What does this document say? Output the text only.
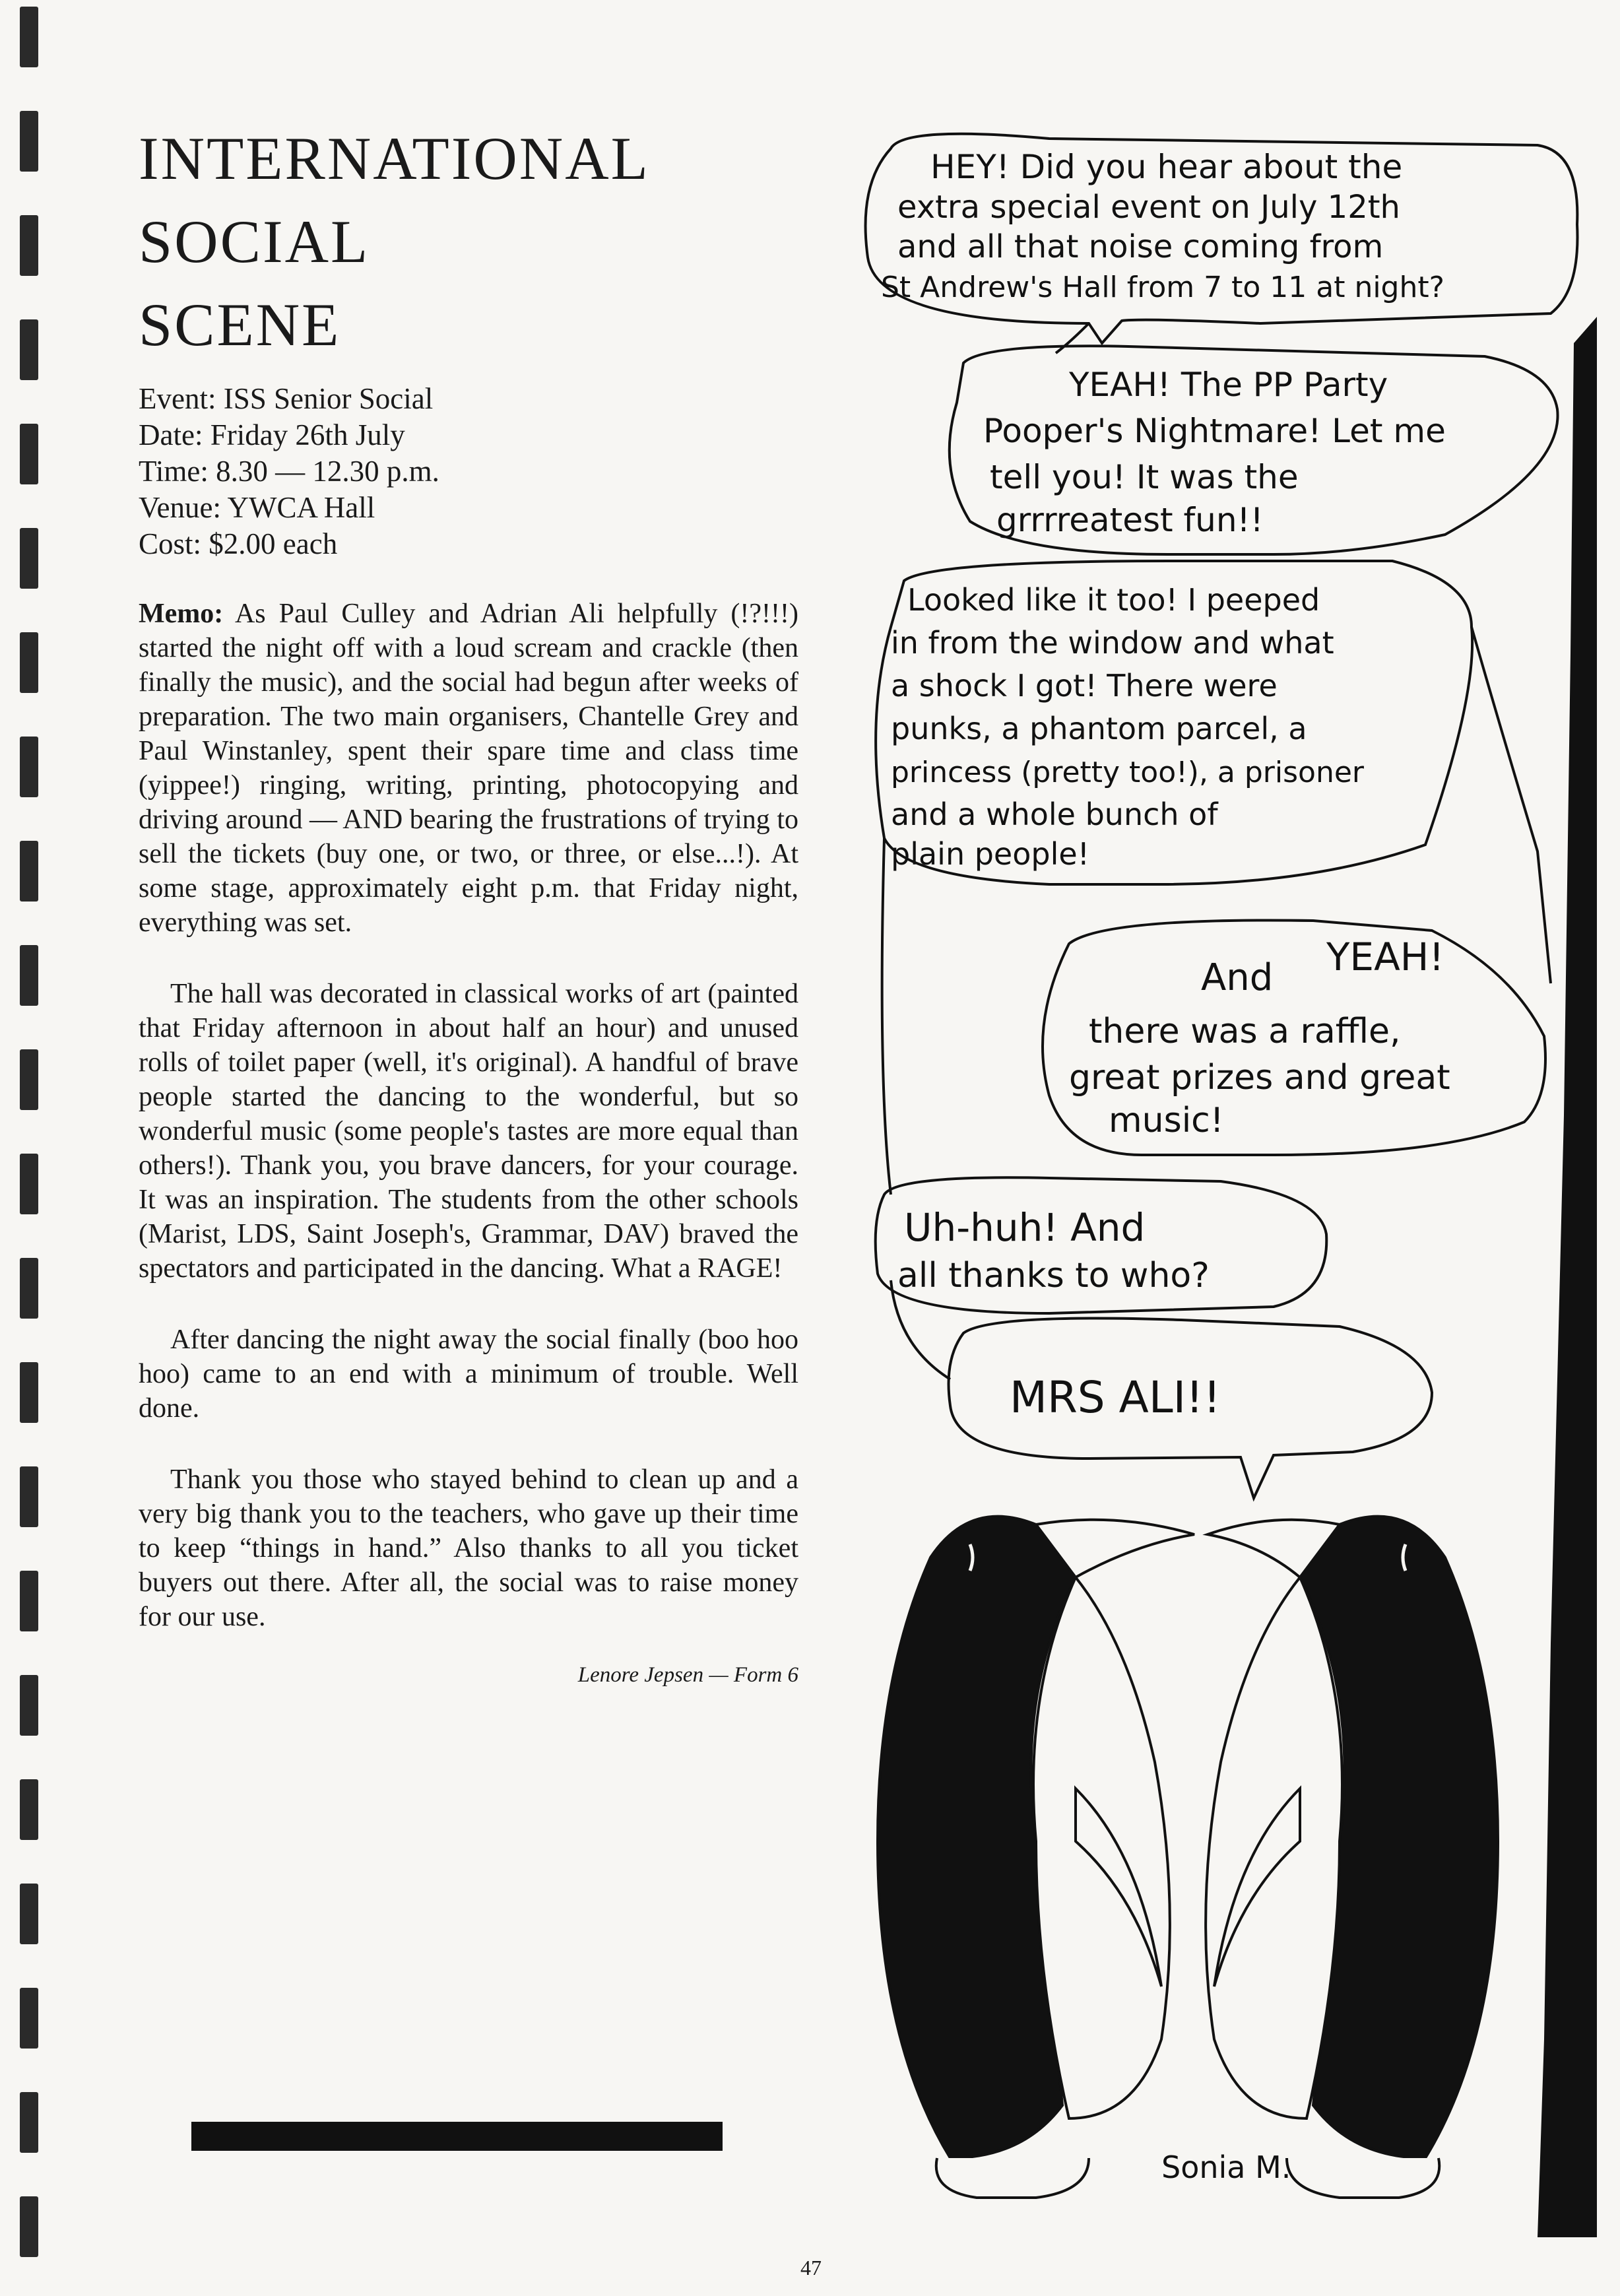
INTERNATIONAL
SOCIAL
SCENE
Event: ISS Senior Social
Date: Friday 26th July
Time: 8.30 — 12.30 p.m.
Venue: YWCA Hall
Cost: $2.00 each

Memo: As Paul Culley and Adrian Ali helpfully (!?!!!) started the night off with a loud scream and crackle (then finally the music), and the social had begun after weeks of preparation. The two main organisers, Chantelle Grey and Paul Winstanley, spent their spare time and class time (yippee!) ringing, writing, printing, photocopying and driving around — AND bearing the frustrations of trying to sell the tickets (buy one, or two, or three, or else...!). At some stage, approximately eight p.m. that Friday night, everything was set.

The hall was decorated in classical works of art (painted that Friday afternoon in about half an hour) and unused rolls of toilet paper (well, it's original). A handful of brave people started the dancing to the wonderful, but so wonderful music (some people's tastes are more equal than others!). Thank you, you brave dancers, for your courage. It was an inspiration. The students from the other schools (Marist, LDS, Saint Joseph's, Grammar, DAV) braved the spectators and participated in the dancing. What a RAGE!

After dancing the night away the social finally (boo hoo hoo) came to an end with a minimum of trouble. Well done.

Thank you those who stayed behind to clean up and a very big thank you to the teachers, who gave up their time to keep “things in hand.” Also thanks to all you ticket buyers out there. After all, the social was to raise money for our use.

Lenore Jepsen — Form 6
47
HEY! Did you hear about the
extra special event on July 12th
and all that noise coming from
St Andrew's Hall from 7 to 11 at night?
YEAH! The PP Party
Pooper's Nightmare! Let me
tell you! It was the
grrrreatest fun!!
Looked like it too! I peeped
in from the window and what
a shock I got! There were
punks, a phantom parcel, a
princess (pretty too!), a prisoner
and a whole bunch of
plain people!
YEAH!
And
there was a raffle,
great prizes and great
music!
Uh-huh! And
all thanks to who?
MRS ALI!!
Sonia M.
